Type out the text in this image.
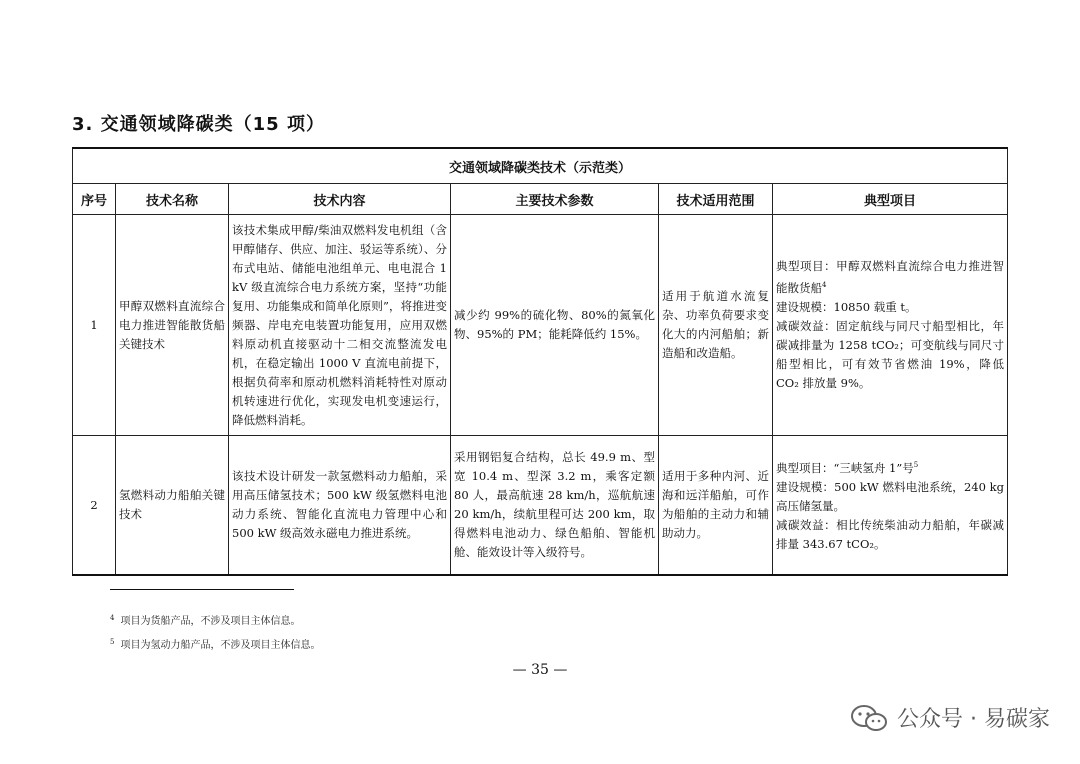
3. 交通领域降碳类（15 项）
交通领域降碳类技术（示范类）					
序号	技术名称	技术内容	主要技术参数	技术适用范围	典型项目
1	甲醇双燃料直流综合电力推进智能散货船关键技术	该技术集成甲醇/柴油双燃料发电机组（含甲醇储存、供应、加注、驳运等系统）、分布式电站、储能电池组单元、电电混合 1 kV 级直流综合电力系统方案，坚持“功能复用、功能集成和简单化原则”，将推进变频器、岸电充电装置功能复用，应用双燃料原动机直接驱动十二相交流整流发电机，在稳定输出 1000 V 直流电前提下，根据负荷率和原动机燃料消耗特性对原动机转速进行优化，实现发电机变速运行，降低燃料消耗。	减少约 99%的硫化物、80%的氮氧化物、95%的 PM；能耗降低约 15%。	适用于航道水流复杂、功率负荷要求变化大的内河船舶；新造船和改造船。	典型项目：甲醇双燃料直流综合电力推进智能散货船$^4$
建设规模：10850 载重 t。
减碳效益：固定航线与同尺寸船型相比，年碳减排量为 1258 tCO₂；可变航线与同尺寸船型相比，可有效节省燃油 19%，降低 CO₂ 排放量 9%。

2	氢燃料动力船舶关键技术	该技术设计研发一款氢燃料动力船舶，采用高压储氢技术；500 kW 级氢燃料电池动力系统、智能化直流电力管理中心和 500 kW 级高效永磁电力推进系统。	采用钢铝复合结构，总长 49.9 m、型宽 10.4 m、型深 3.2 m，乘客定额 80 人，最高航速 28 km/h，巡航航速 20 km/h，续航里程可达 200 km，取得燃料电池动力、绿色船舶、智能机舱、能效设计等入级符号。	适用于多种内河、近海和远洋船舶，可作为船舶的主动力和辅助动力。	典型项目：“三峡氢舟 1”号$^5$
建设规模：500 kW 燃料电池系统，240 kg 高压储氢量。
减碳效益：相比传统柴油动力船舶，年碳减排量 343.67 tCO₂。
$^4$ 项目为货船产品，不涉及项目主体信息。
$^5$ 项目为氢动力船产品，不涉及项目主体信息。
— 35 —
公众号 · 易碳家
